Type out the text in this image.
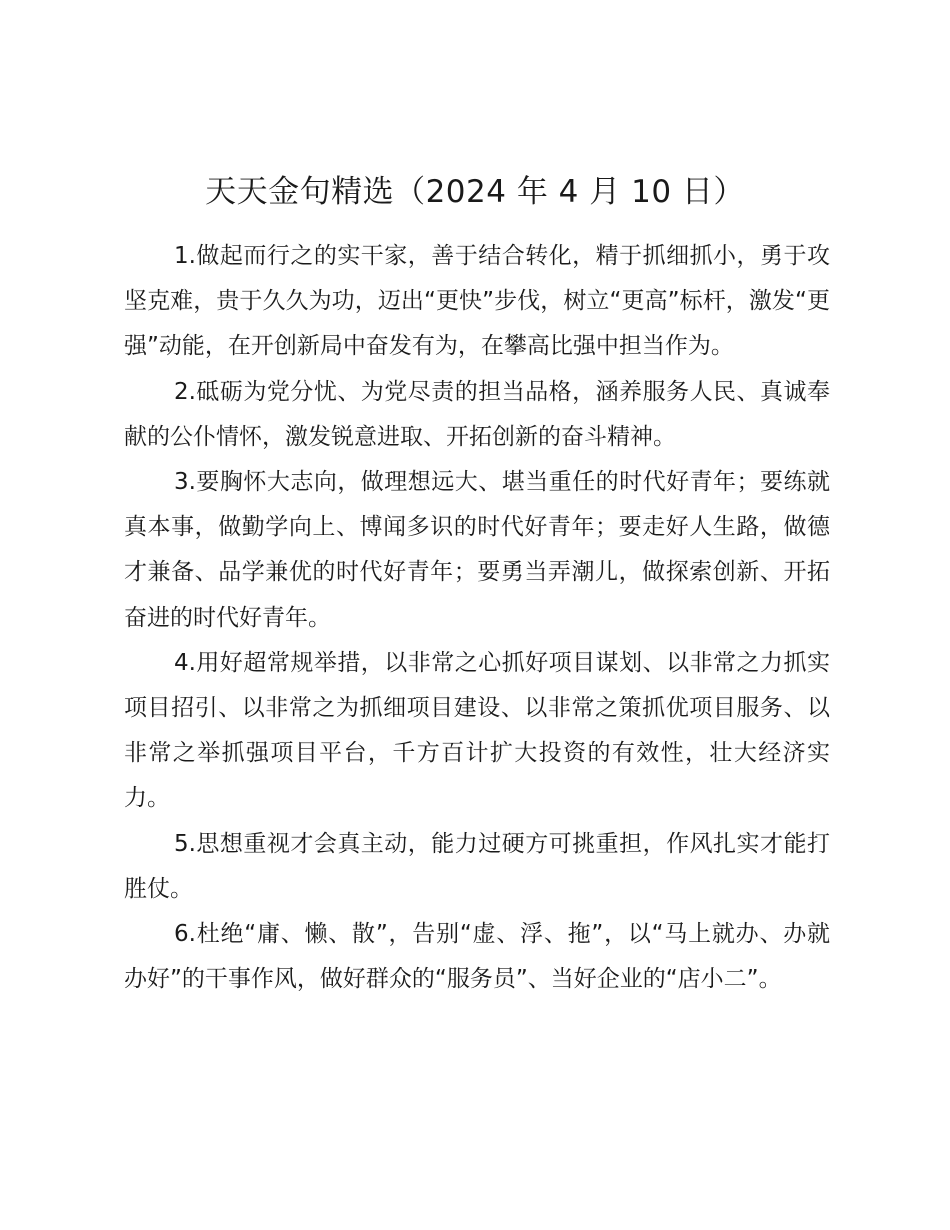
天天金句精选（2024 年 4 月 10 日）

1.做起而行之的实干家，善于结合转化，精于抓细抓小，勇于攻坚克难，贵于久久为功，迈出“更快”步伐，树立“更高”标杆，激发“更强”动能，在开创新局中奋发有为，在攀高比强中担当作为。

2.砥砺为党分忧、为党尽责的担当品格，涵养服务人民、真诚奉献的公仆情怀，激发锐意进取、开拓创新的奋斗精神。

3.要胸怀大志向，做理想远大、堪当重任的时代好青年；要练就真本事，做勤学向上、博闻多识的时代好青年；要走好人生路，做德才兼备、品学兼优的时代好青年；要勇当弄潮儿，做探索创新、开拓奋进的时代好青年。

4.用好超常规举措，以非常之心抓好项目谋划、以非常之力抓实项目招引、以非常之为抓细项目建设、以非常之策抓优项目服务、以非常之举抓强项目平台，千方百计扩大投资的有效性，壮大经济实力。

5.思想重视才会真主动，能力过硬方可挑重担，作风扎实才能打胜仗。

6.杜绝“庸、懒、散”，告别“虚、浮、拖”，以“马上就办、办就办好”的干事作风，做好群众的“服务员”、当好企业的“店小二”。
